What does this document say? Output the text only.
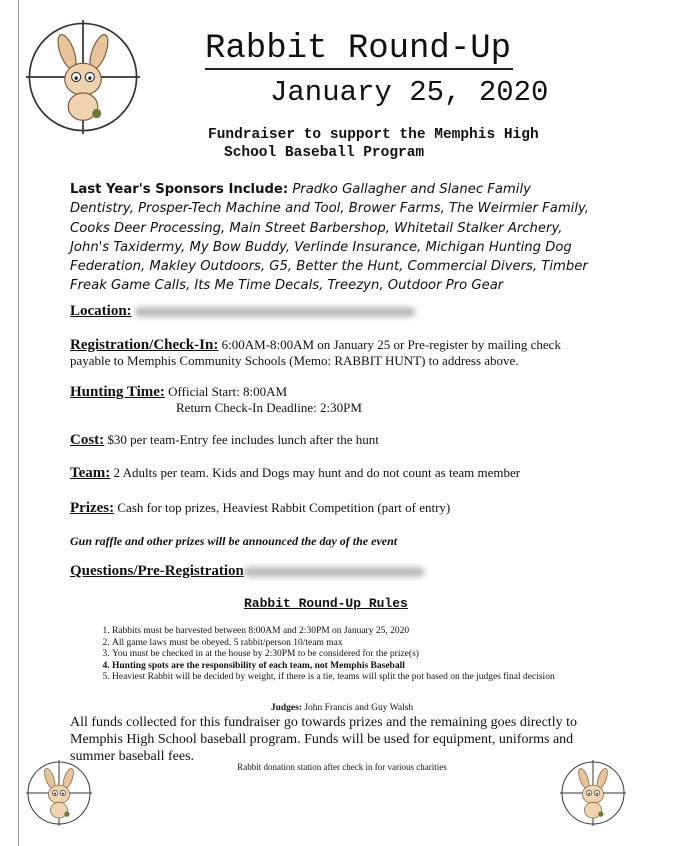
Rabbit Round-Up
January 25, 2020
Fundraiser to support the Memphis High
School Baseball Program
Last Year's Sponsors Include: Pradko Gallagher and Slanec Family Dentistry, Prosper-Tech Machine and Tool, Brower Farms, The Weirmier Family, Cooks Deer Processing, Main Street Barbershop, Whitetail Stalker Archery, John's Taxidermy, My Bow Buddy, Verlinde Insurance, Michigan Hunting Dog Federation, Makley Outdoors, G5, Better the Hunt, Commercial Divers, Timber Freak Game Calls, Its Me Time Decals, Treezyn, Outdoor Pro Gear
Location:
Registration/Check-In: 6:00AM-8:00AM on January 25 or Pre-register by mailing check
payable to Memphis Community Schools (Memo: RABBIT HUNT) to address above.
Hunting Time: Official Start: 8:00AM
Return Check-In Deadline: 2:30PM
Cost: $30 per team-Entry fee includes lunch after the hunt
Team: 2 Adults per team. Kids and Dogs may hunt and do not count as team member
Prizes: Cash for top prizes, Heaviest Rabbit Competition (part of entry)
Gun raffle and other prizes will be announced the day of the event
Questions/Pre-Registration
Rabbit Round-Up Rules
1. Rabbits must be harvested between 8:00AM and 2:30PM on January 25, 2020
2. All game laws must be obeyed. 5 rabbit/person 10/team max
3. You must be checked in at the house by 2:30PM to be considered for the prize(s)
4. Hunting spots are the responsibility of each team, not Memphis Baseball
5. Heaviest Rabbit will be decided by weight, if there is a tie, teams will split the pot based on the judges final decision
Judges: John Francis and Guy Walsh
All funds collected for this fundraiser go towards prizes and the remaining goes directly to Memphis High School baseball program. Funds will be used for equipment, uniforms and summer baseball fees.
Rabbit donation station after check in for various charities
